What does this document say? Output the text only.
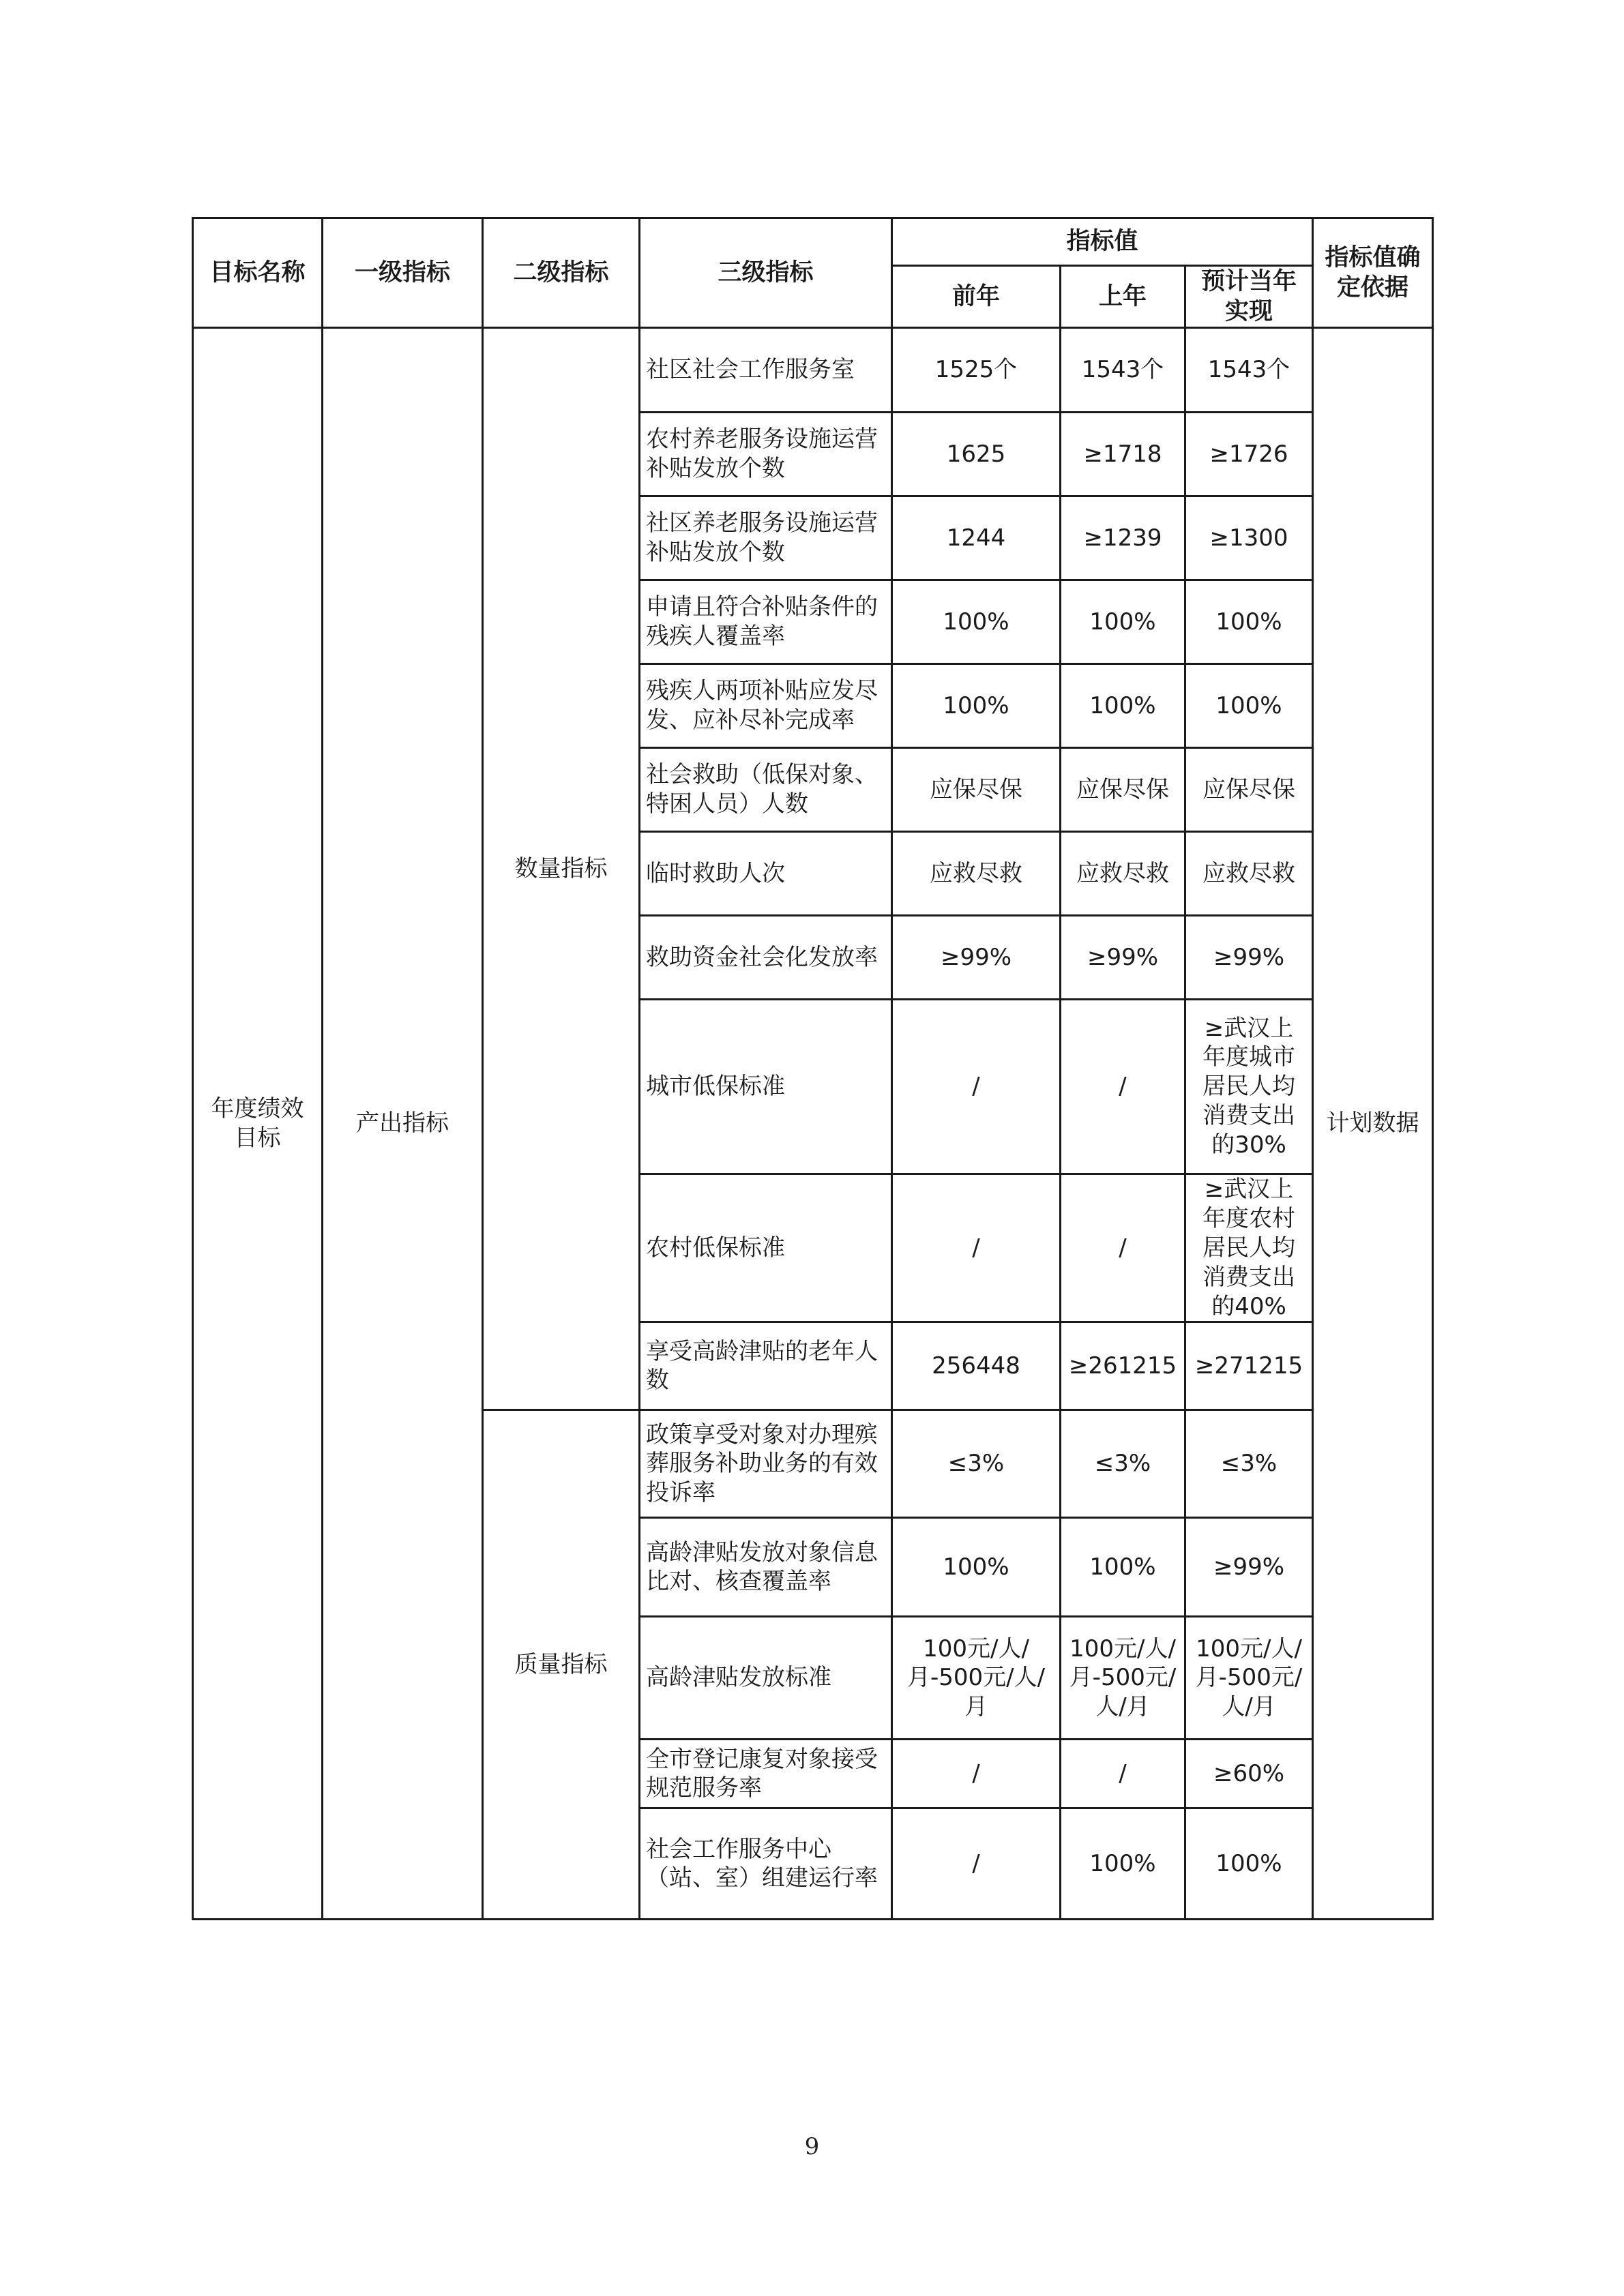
目标名称	一级指标	二级指标	三级指标	指标值			指标值确定依据
				前年	上年	预计当年实现	
年度绩效目标	产出指标	数量指标	社区社会工作服务室	1525个	1543个	1543个	计划数据
			农村养老服务设施运营补贴发放个数	1625	≥1718	≥1726	
			社区养老服务设施运营补贴发放个数	1244	≥1239	≥1300	
			申请且符合补贴条件的残疾人覆盖率	100%	100%	100%	
			残疾人两项补贴应发尽发、应补尽补完成率	100%	100%	100%	
			社会救助（低保对象、特困人员）人数	应保尽保	应保尽保	应保尽保	
			临时救助人次	应救尽救	应救尽救	应救尽救	
			救助资金社会化发放率	≥99%	≥99%	≥99%	
			城市低保标准	/	/	≥武汉上年度城市居民人均消费支出的30%	
			农村低保标准	/	/	≥武汉上年度农村居民人均消费支出的40%	
			享受高龄津贴的老年人数	256448	≥261215	≥271215	
		质量指标	政策享受对象对办理殡葬服务补助业务的有效投诉率	≤3%	≤3%	≤3%	
			高龄津贴发放对象信息比对、核查覆盖率	100%	100%	≥99%	
			高龄津贴发放标准	100元/人/月-500元/人/月	100元/人/月-500元/人/月	100元/人/月-500元/人/月	
			全市登记康复对象接受规范服务率	/	/	≥60%	
			社会工作服务中心（站、室）组建运行率	/	100%	100%	
9
